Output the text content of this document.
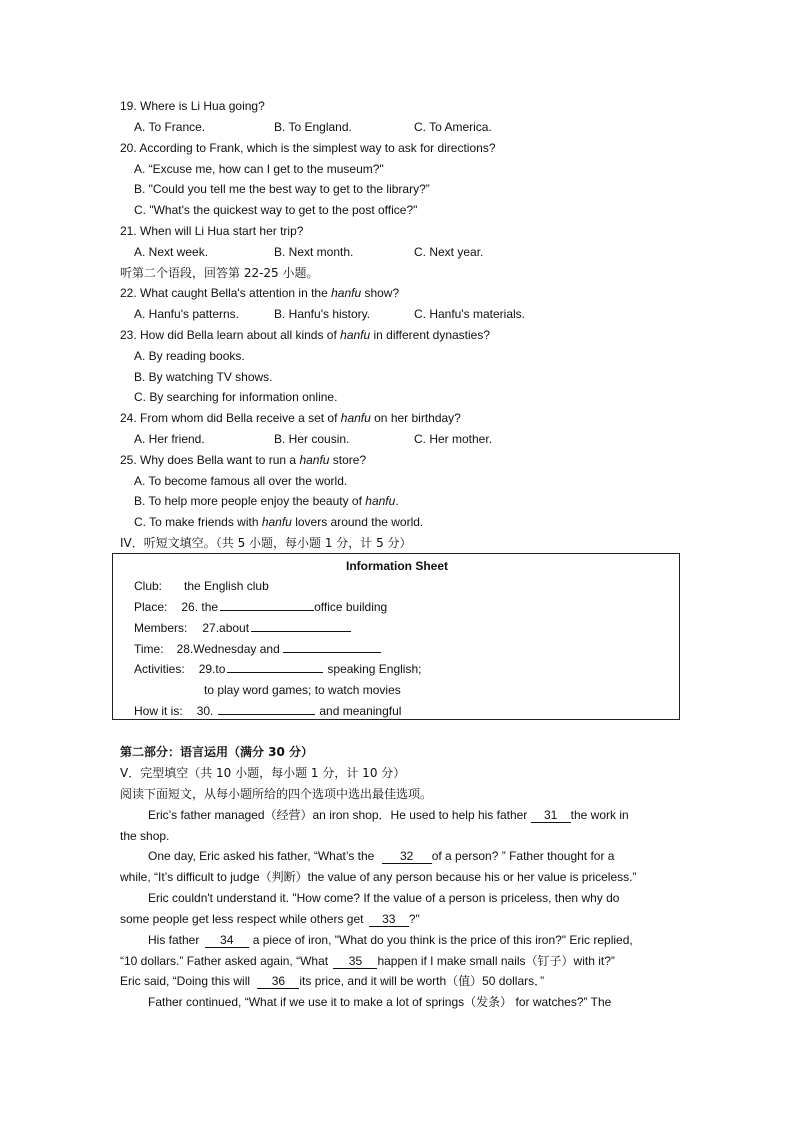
19. Where is Li Hua going?
A. To France.	B. To England.	C. To America.
20. According to Frank, which is the simplest way to ask for directions?
A. “Excuse me, how can I get to the museum?"
B. "Could you tell me the best way to get to the library?”
C. "What's the quickest way to get to the post office?"
21. When will Li Hua start her trip?
A. Next week.	B. Next month.	C. Next year.
听第二个语段，回答第 22-25 小题。
22. What caught Bella's attention in the hanfu show?
A. Hanfu's patterns.	B. Hanfu's history.	C. Hanfu's materials.
23. How did Bella learn about all kinds of hanfu in different dynasties?
A. By reading books.
B. By watching TV shows.
C. By searching for information online.
24. From whom did Bella receive a set of hanfu on her birthday?
A. Her friend.	B. Her cousin.	C. Her mother.
25. Why does Bella want to run a hanfu store?
A. To become famous all over the world.
B. To help more people enjoy the beauty of hanfu.
C. To make friends with hanfu lovers around the world.
IV．听短文填空。（共 5 小题，每小题 1 分，计 5 分）
Information Sheet
Club: the English club
Place: 26. the	office building
Members: 27.about
Time: 28.Wednesday and
Activities: 29.to	speaking English;
to play word games; to watch movies
How it is: 30.	and meaningful
第二部分：语言运用（满分 30 分）
V．完型填空（共 10 小题，每小题 1 分，计 10 分）
阅读下面短文，从每小题所给的四个选项中选出最佳选项。
Eric’s father managed（经营）an iron shop．He used to help his father 31 the work in
the shop.
One day, Eric asked his father, “What’s the 32 of a person? ” Father thought for a
while, “It’s difficult to judge（判断）the value of any person because his or her value is priceless.”
Eric couldn't understand it. "How come? If the value of a person is priceless, then why do
some people get less respect while others get 33 ?"
His father 34 a piece of iron, "What do you think is the price of this iron?" Eric replied,
“10 dollars.” Father asked again, “What 35 happen if I make small nails（钉子）with it?”
Eric said, “Doing this will 36 its price, and it will be worth（值）50 dollars．”
Father continued, “What if we use it to make a lot of springs（发条） for watches?” The
